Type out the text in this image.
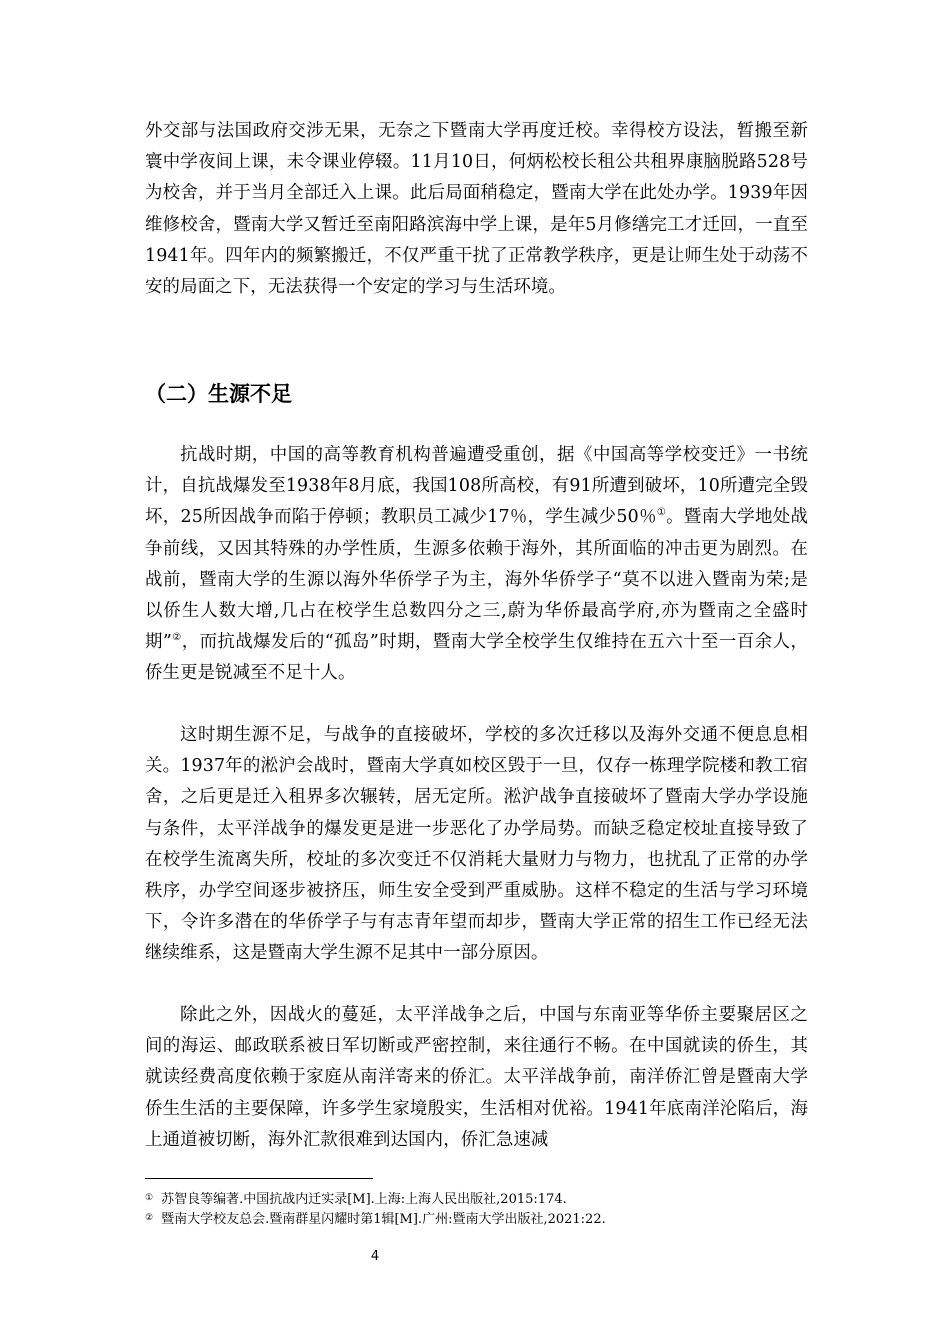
外交部与法国政府交涉无果，无奈之下暨南大学再度迁校。幸得校方设法，暂搬至新寰中学夜间上课，未令课业停辍。11月10日，何炳松校长租公共租界康脑脱路528号为校舍，并于当月全部迁入上课。此后局面稍稳定，暨南大学在此处办学。1939年因维修校舍，暨南大学又暂迁至南阳路滨海中学上课，是年5月修缮完工才迁回，一直至1941年。四年内的频繁搬迁，不仅严重干扰了正常教学秩序，更是让师生处于动荡不安的局面之下，无法获得一个安定的学习与生活环境。

（二）生源不足

抗战时期，中国的高等教育机构普遍遭受重创，据《中国高等学校变迁》一书统计，自抗战爆发至1938年8月底，我国108所高校，有91所遭到破坏，10所遭完全毁坏，25所因战争而陷于停顿；教职员工减少17％，学生减少50％①。暨南大学地处战争前线，又因其特殊的办学性质，生源多依赖于海外，其所面临的冲击更为剧烈。在战前，暨南大学的生源以海外华侨学子为主，海外华侨学子“莫不以进入暨南为荣;是以侨生人数大增,几占在校学生总数四分之三,蔚为华侨最高学府,亦为暨南之全盛时期”②，而抗战爆发后的“孤岛”时期，暨南大学全校学生仅维持在五六十至一百余人，侨生更是锐减至不足十人。

这时期生源不足，与战争的直接破坏，学校的多次迁移以及海外交通不便息息相关。1937年的淞沪会战时，暨南大学真如校区毁于一旦，仅存一栋理学院楼和教工宿舍，之后更是迁入租界多次辗转，居无定所。淞沪战争直接破坏了暨南大学办学设施与条件，太平洋战争的爆发更是进一步恶化了办学局势。而缺乏稳定校址直接导致了在校学生流离失所，校址的多次变迁不仅消耗大量财力与物力，也扰乱了正常的办学秩序，办学空间逐步被挤压，师生安全受到严重威胁。这样不稳定的生活与学习环境下，令许多潜在的华侨学子与有志青年望而却步，暨南大学正常的招生工作已经无法继续维系，这是暨南大学生源不足其中一部分原因。

除此之外，因战火的蔓延，太平洋战争之后，中国与东南亚等华侨主要聚居区之间的海运、邮政联系被日军切断或严密控制，来往通行不畅。在中国就读的侨生，其就读经费高度依赖于家庭从南洋寄来的侨汇。太平洋战争前，南洋侨汇曾是暨南大学侨生生活的主要保障，许多学生家境殷实，生活相对优裕。1941年底南洋沦陷后，海上通道被切断，海外汇款很难到达国内，侨汇急速减

① 苏智良等编著.中国抗战内迁实录[M].上海:上海人民出版社,2015:174.

② 暨南大学校友总会.暨南群星闪耀时第1辑[M].广州:暨南大学出版社,2021:22.

4
